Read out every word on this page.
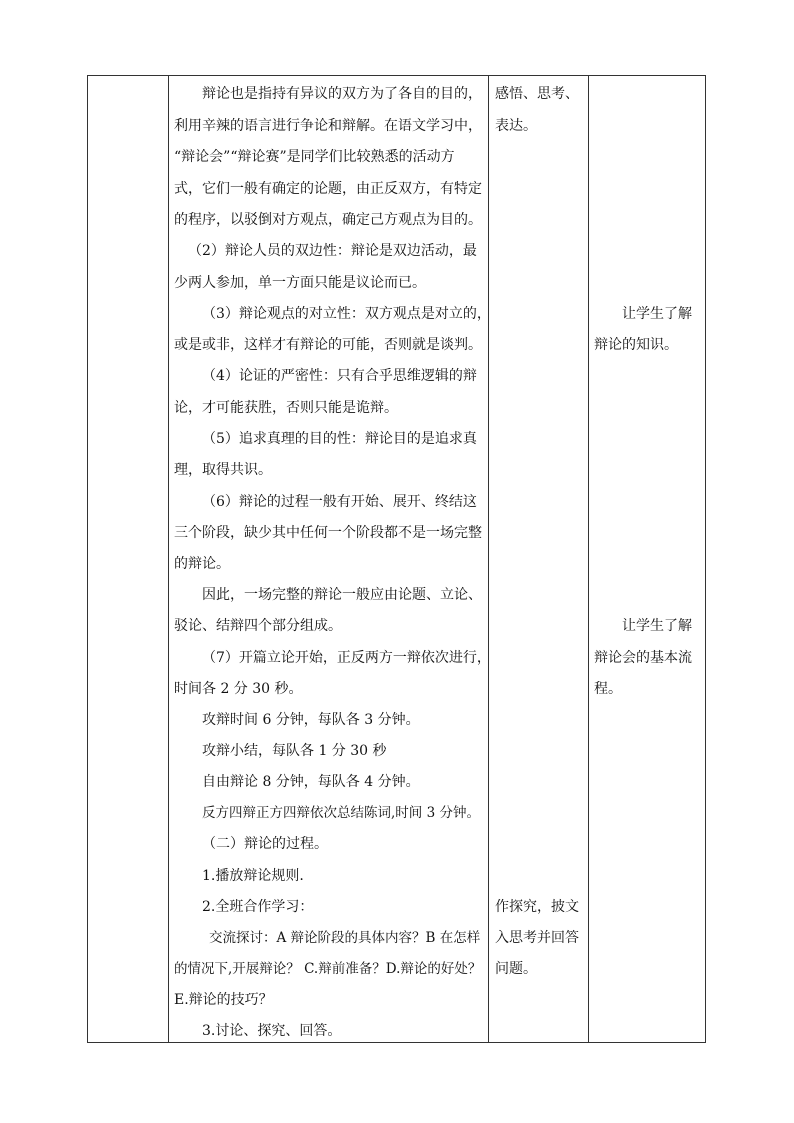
辩论也是指持有异议的双方为了各自的目的，
利用辛辣的语言进行争论和辩解。在语文学习中，
“辩论会”“辩论赛”是同学们比较熟悉的活动方
式，它们一般有确定的论题，由正反双方，有特定
的程序，以驳倒对方观点，确定己方观点为目的。
（2）辩论人员的双边性：辩论是双边活动，最
少两人参加，单一方面只能是议论而已。
（3）辩论观点的对立性：双方观点是对立的，
或是或非，这样才有辩论的可能，否则就是谈判。
（4）论证的严密性：只有合乎思维逻辑的辩
论，才可能获胜，否则只能是诡辩。
（5）追求真理的目的性：辩论目的是追求真
理，取得共识。
（6）辩论的过程一般有开始、展开、终结这
三个阶段，缺少其中任何一个阶段都不是一场完整
的辩论。
因此，一场完整的辩论一般应由论题、立论、
驳论、结辩四个部分组成。
（7）开篇立论开始，正反两方一辩依次进行，
时间各 2 分 30 秒。
攻辩时间 6 分钟，每队各 3 分钟。
攻辩小结，每队各 1 分 30 秒
自由辩论 8 分钟，每队各 4 分钟。
反方四辩正方四辩依次总结陈词,时间 3 分钟。
（二）辩论的过程。
1.播放辩论规则.
2.全班合作学习：
交流探讨：A 辩论阶段的具体内容？B 在怎样
的情况下,开展辩论？ C.辩前准备？D.辩论的好处？
E.辩论的技巧？
3.讨论、探究、回答。
感悟、思考、
表达。
作探究，披文
入思考并回答
问题。
让学生了解
辩论的知识。
让学生了解
辩论会的基本流
程。
